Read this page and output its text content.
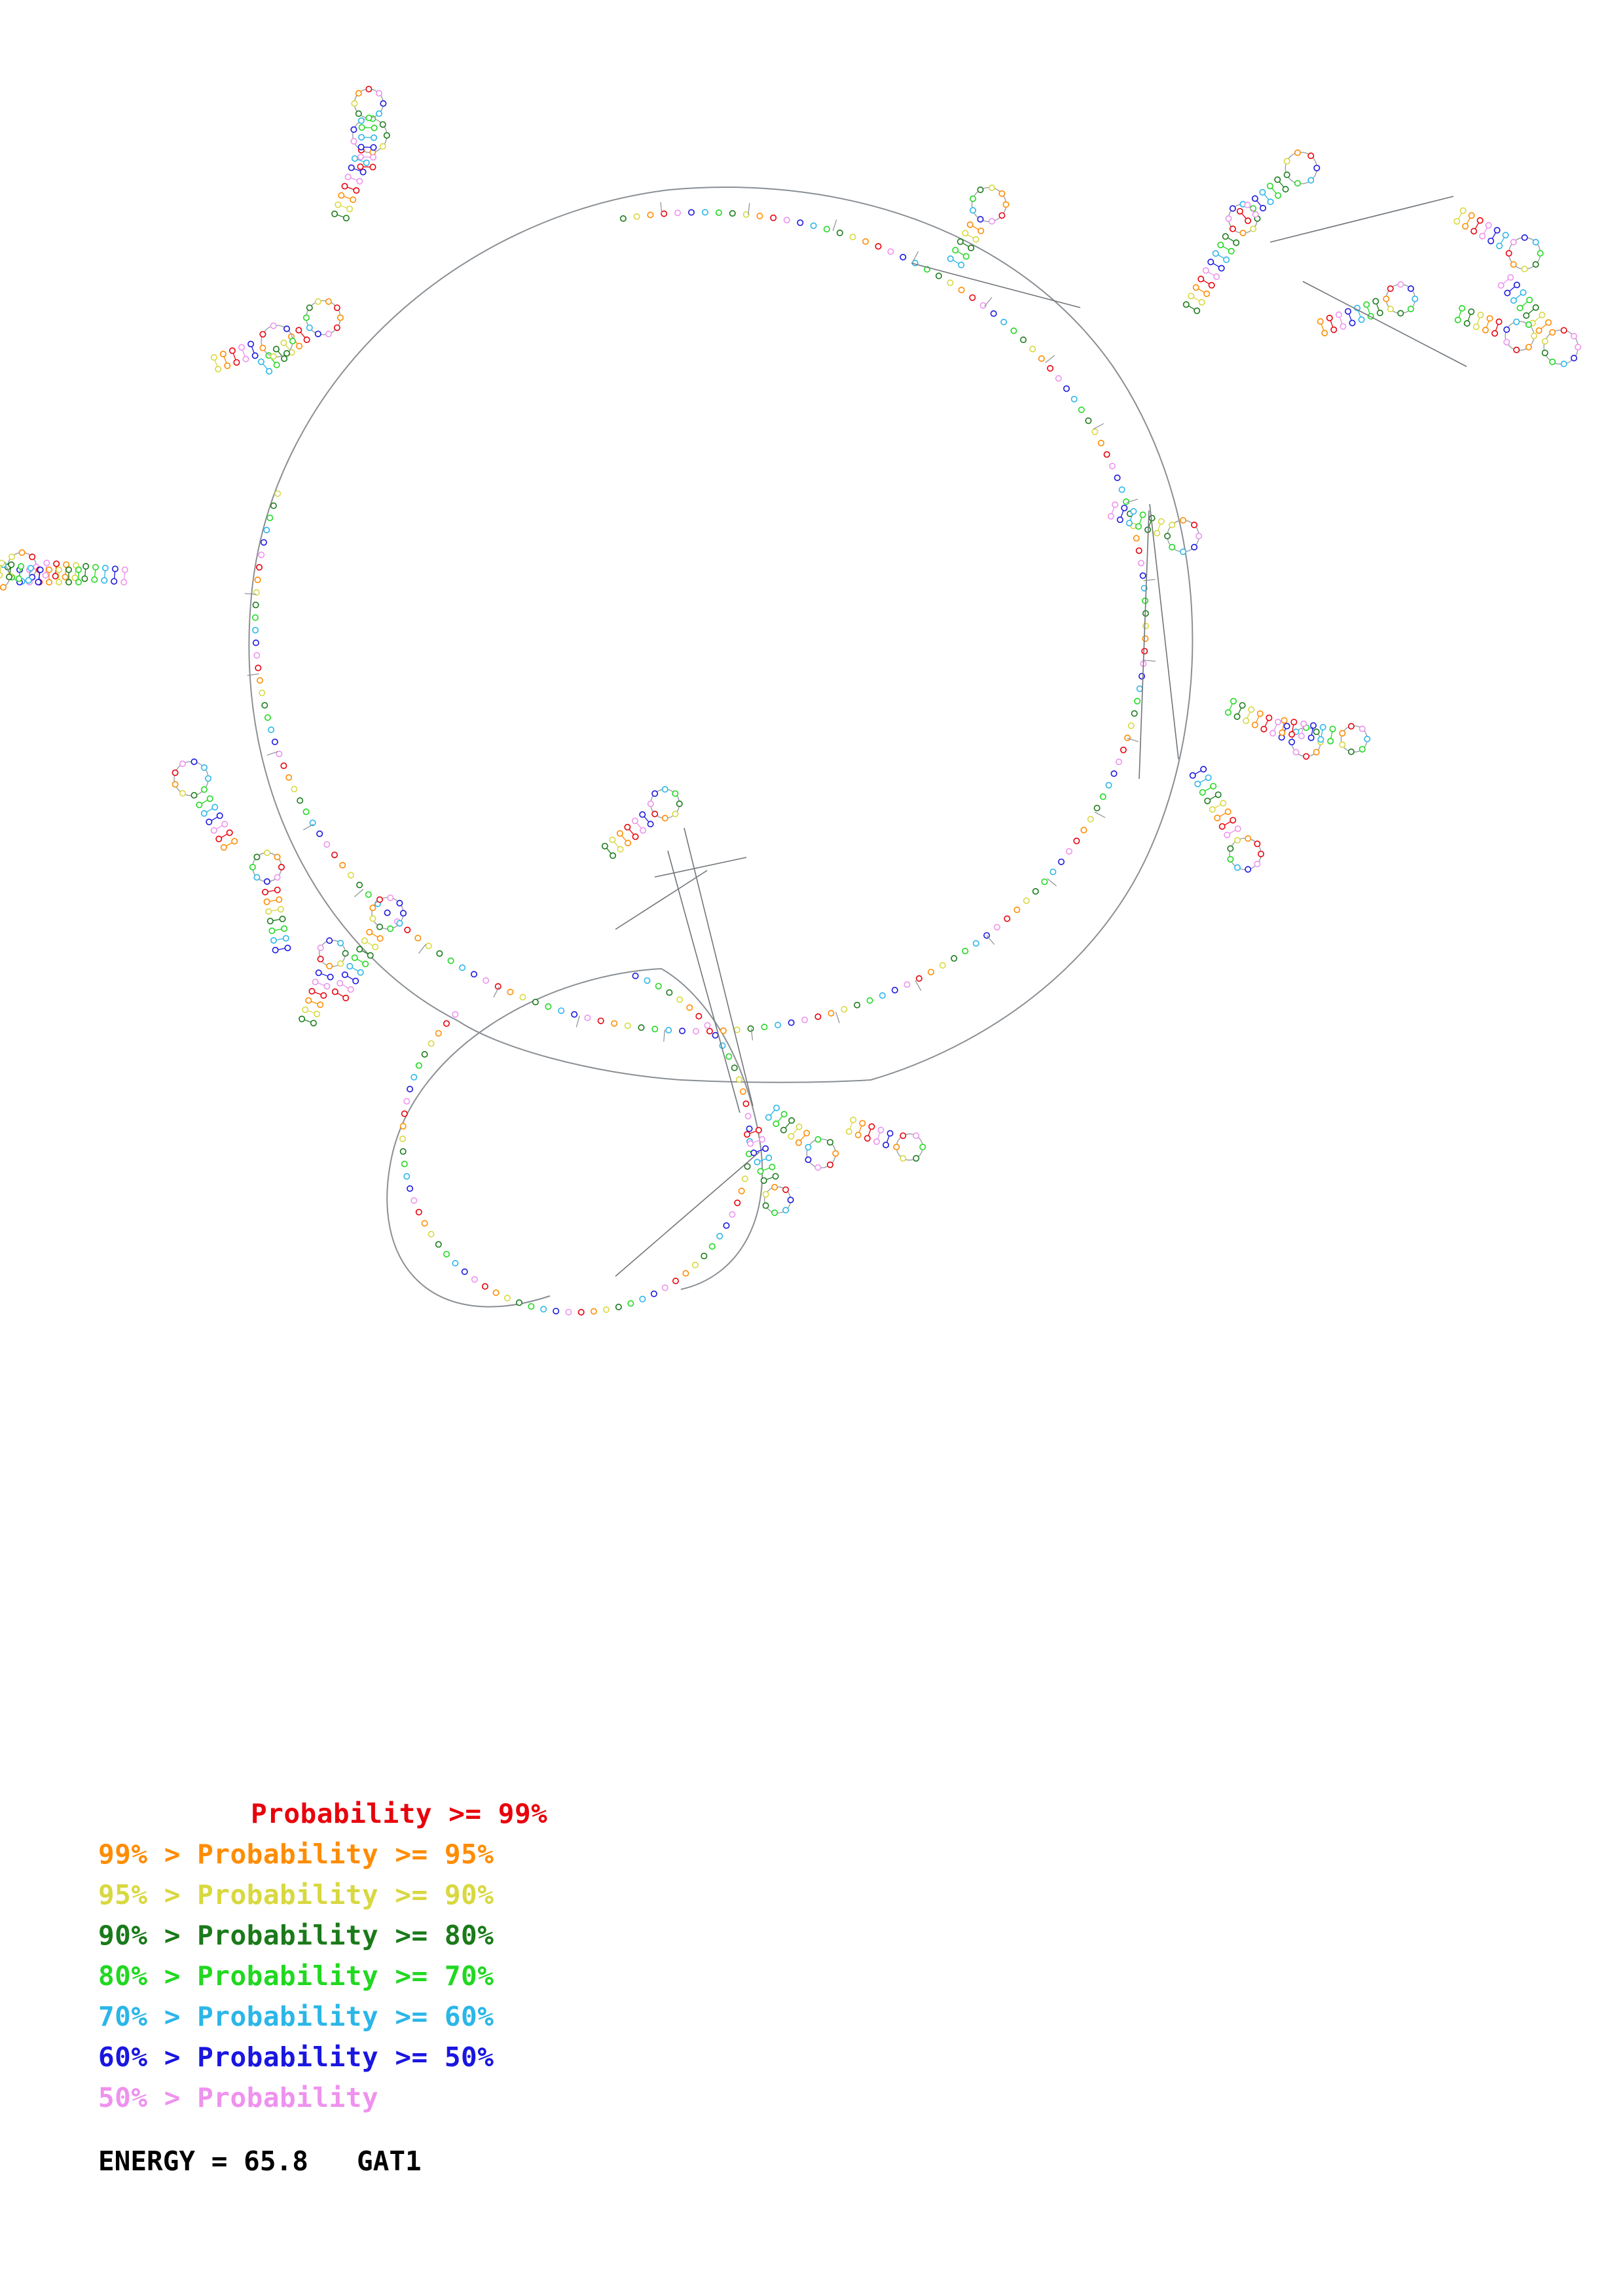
Probability >= 99%
99% > Probability >= 95%
95% > Probability >= 90%
90% > Probability >= 80%
80% > Probability >= 70%
70% > Probability >= 60%
60% > Probability >= 50%
50% > Probability
ENERGY = 65.8   GAT1
